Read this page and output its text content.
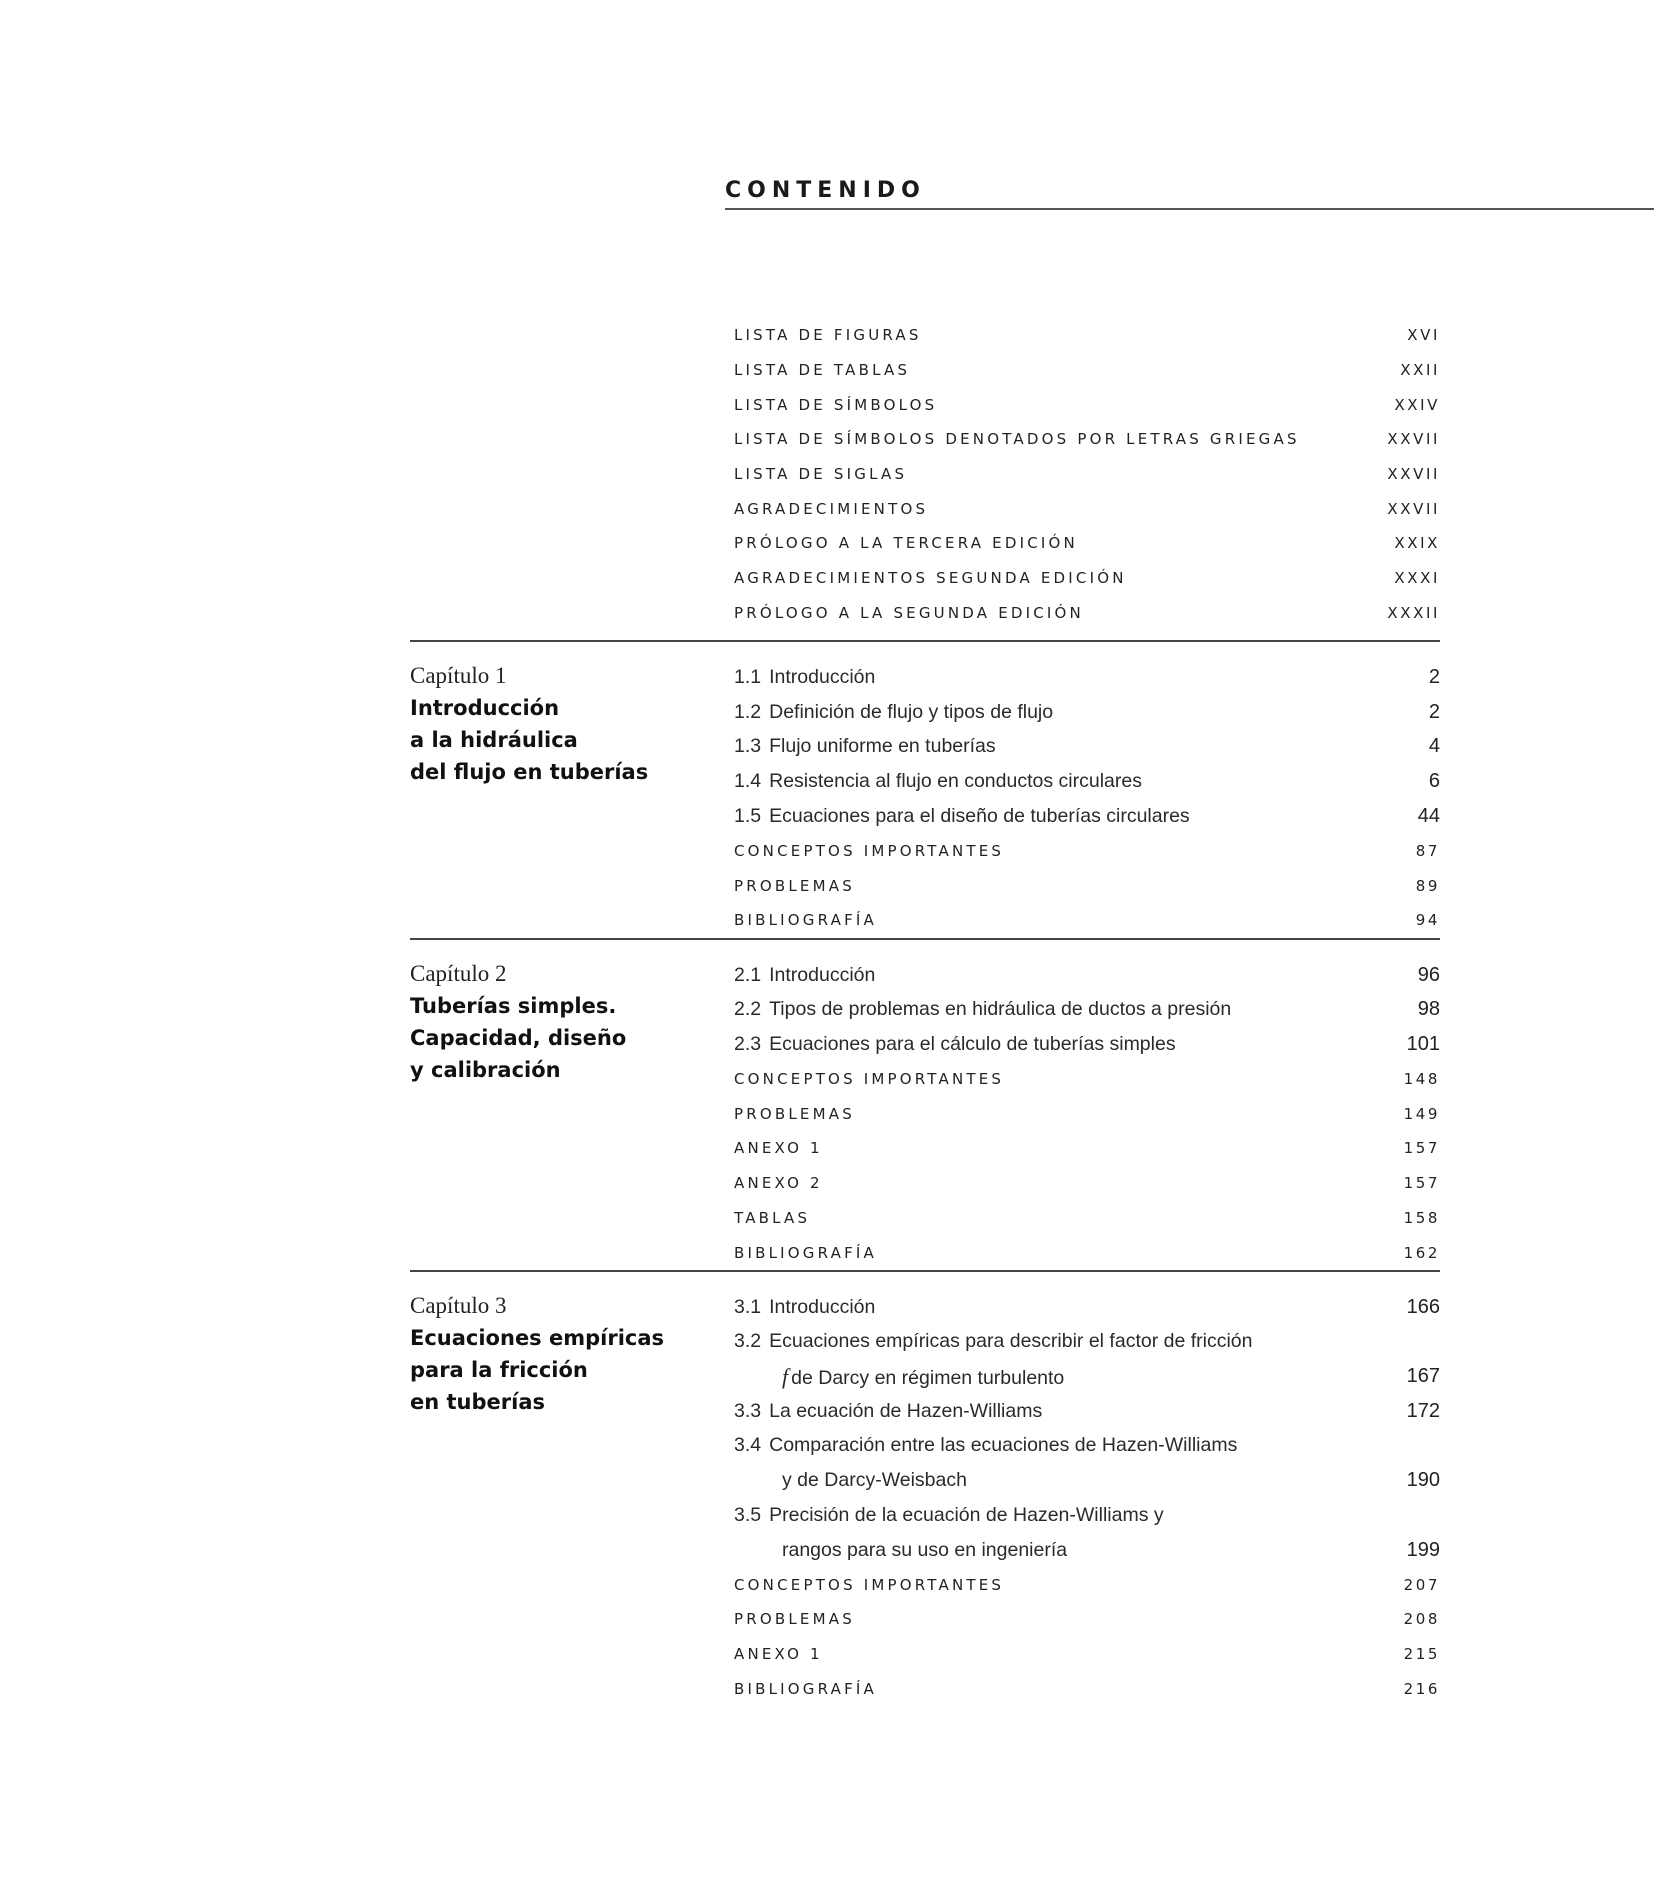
CONTENIDO
LISTA DE FIGURAS	XVI
LISTA DE TABLAS	XXII
LISTA DE SÍMBOLOS	XXIV
LISTA DE SÍMBOLOS DENOTADOS POR LETRAS GRIEGAS	XXVII
LISTA DE SIGLAS	XXVII
AGRADECIMIENTOS	XXVII
PRÓLOGO A LA TERCERA EDICIÓN	XXIX
AGRADECIMIENTOS SEGUNDA EDICIÓN	XXXI
PRÓLOGO A LA SEGUNDA EDICIÓN	XXXII
Capítulo 1
Introducción
a la hidráulica
del flujo en tuberías
1.1 Introducción	2
1.2 Definición de flujo y tipos de flujo	2
1.3 Flujo uniforme en tuberías	4
1.4 Resistencia al flujo en conductos circulares	6
1.5 Ecuaciones para el diseño de tuberías circulares	44
CONCEPTOS IMPORTANTES	87
PROBLEMAS	89
BIBLIOGRAFÍA	94
Capítulo 2
Tuberías simples.
Capacidad, diseño
y calibración
2.1 Introducción	96
2.2 Tipos de problemas en hidráulica de ductos a presión	98
2.3 Ecuaciones para el cálculo de tuberías simples	101
CONCEPTOS IMPORTANTES	148
PROBLEMAS	149
ANEXO 1	157
ANEXO 2	157
TABLAS	158
BIBLIOGRAFÍA	162
Capítulo 3
Ecuaciones empíricas
para la fricción
en tuberías
3.1 Introducción	166
3.2 Ecuaciones empíricas para describir el factor de fricción
f de Darcy en régimen turbulento	167
3.3 La ecuación de Hazen-Williams	172
3.4 Comparación entre las ecuaciones de Hazen-Williams
y de Darcy-Weisbach	190
3.5 Precisión de la ecuación de Hazen-Williams y
rangos para su uso en ingeniería	199
CONCEPTOS IMPORTANTES	207
PROBLEMAS	208
ANEXO 1	215
BIBLIOGRAFÍA	216
